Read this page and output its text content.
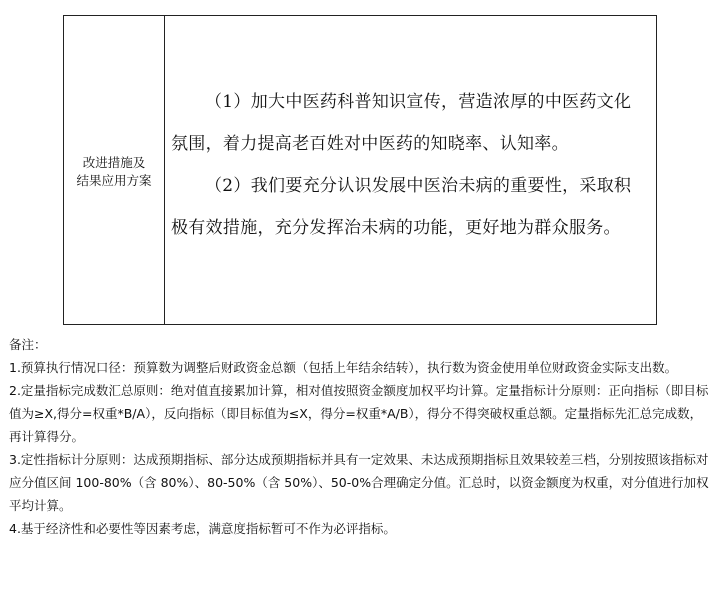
改进措施及
结果应用方案

（1）加大中医药科普知识宣传，营造浓厚的中医药文化氛围，着力提高老百姓对中医药的知晓率、认知率。

（2）我们要充分认识发展中医治未病的重要性，采取积极有效措施，充分发挥治未病的功能，更好地为群众服务。

备注：

1.预算执行情况口径：预算数为调整后财政资金总额（包括上年结余结转），执行数为资金使用单位财政资金实际支出数。

2.定量指标完成数汇总原则：绝对值直接累加计算，相对值按照资金额度加权平均计算。定量指标计分原则：正向指标（即目标值为≥X,得分=权重*B/A），反向指标（即目标值为≤X，得分=权重*A/B），得分不得突破权重总额。定量指标先汇总完成数，再计算得分。

3.定性指标计分原则：达成预期指标、部分达成预期指标并具有一定效果、未达成预期指标且效果较差三档，分别按照该指标对应分值区间 100-80%（含 80%）、80-50%（含 50%）、50-0%合理确定分值。汇总时，以资金额度为权重，对分值进行加权平均计算。

4.基于经济性和必要性等因素考虑，满意度指标暂可不作为必评指标。
